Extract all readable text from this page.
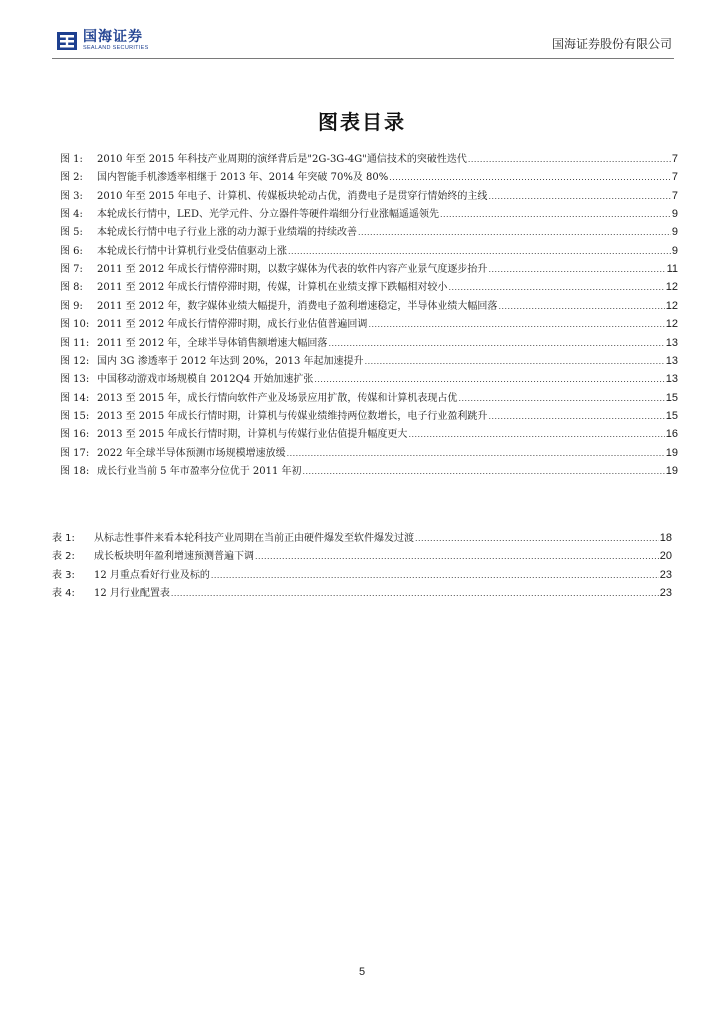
国海证券
SEALAND SECURITIES	国海证券股份有限公司
图表目录
图 1:	2010 年至 2015 年科技产业周期的演绎背后是"2G-3G-4G"通信技术的突破性迭代 .....	7
图 2:	国内智能手机渗透率相继于 2013 年、2014 年突破 70%及 80% .....	7
图 3:	2010 年至 2015 年电子、计算机、传媒板块轮动占优，消费电子是贯穿行情始终的主线 .....	7
图 4:	本轮成长行情中，LED、光学元件、分立器件等硬件端细分行业涨幅遥遥领先 .....	9
图 5:	本轮成长行情中电子行业上涨的动力源于业绩端的持续改善 .....	9
图 6:	本轮成长行情中计算机行业受估值驱动上涨 .....	9
图 7:	2011 至 2012 年成长行情停滞时期，以数字媒体为代表的软件内容产业景气度逐步抬升 .....	11
图 8:	2011 至 2012 年成长行情停滞时期，传媒，计算机在业绩支撑下跌幅相对较小 .....	12
图 9:	2011 至 2012 年，数字媒体业绩大幅提升，消费电子盈利增速稳定，半导体业绩大幅回落 .....	12
图 10: 2011 至 2012 年成长行情停滞时期，成长行业估值普遍回调 .....	12
图 11: 2011 至 2012 年，全球半导体销售额增速大幅回落 .....	13
图 12: 国内 3G 渗透率于 2012 年达到 20%，2013 年起加速提升 .....	13
图 13: 中国移动游戏市场规模自 2012Q4 开始加速扩张 .....	13
图 14: 2013 至 2015 年，成长行情向软件产业及场景应用扩散，传媒和计算机表现占优 .....	15
图 15: 2013 至 2015 年成长行情时期，计算机与传媒业绩维持两位数增长，电子行业盈利跳升 .....	15
图 16: 2013 至 2015 年成长行情时期，计算机与传媒行业估值提升幅度更大 .....	16
图 17: 2022 年全球半导体预测市场规模增速放缓 .....	19
图 18: 成长行业当前 5 年市盈率分位优于 2011 年初 .....	19
表 1:	从标志性事件来看本轮科技产业周期在当前正由硬件爆发至软件爆发过渡 .....	18
表 2:	成长板块明年盈利增速预测普遍下调 .....	20
表 3:	12 月重点看好行业及标的 .....	23
表 4:	12 月行业配置表 .....	23
5
